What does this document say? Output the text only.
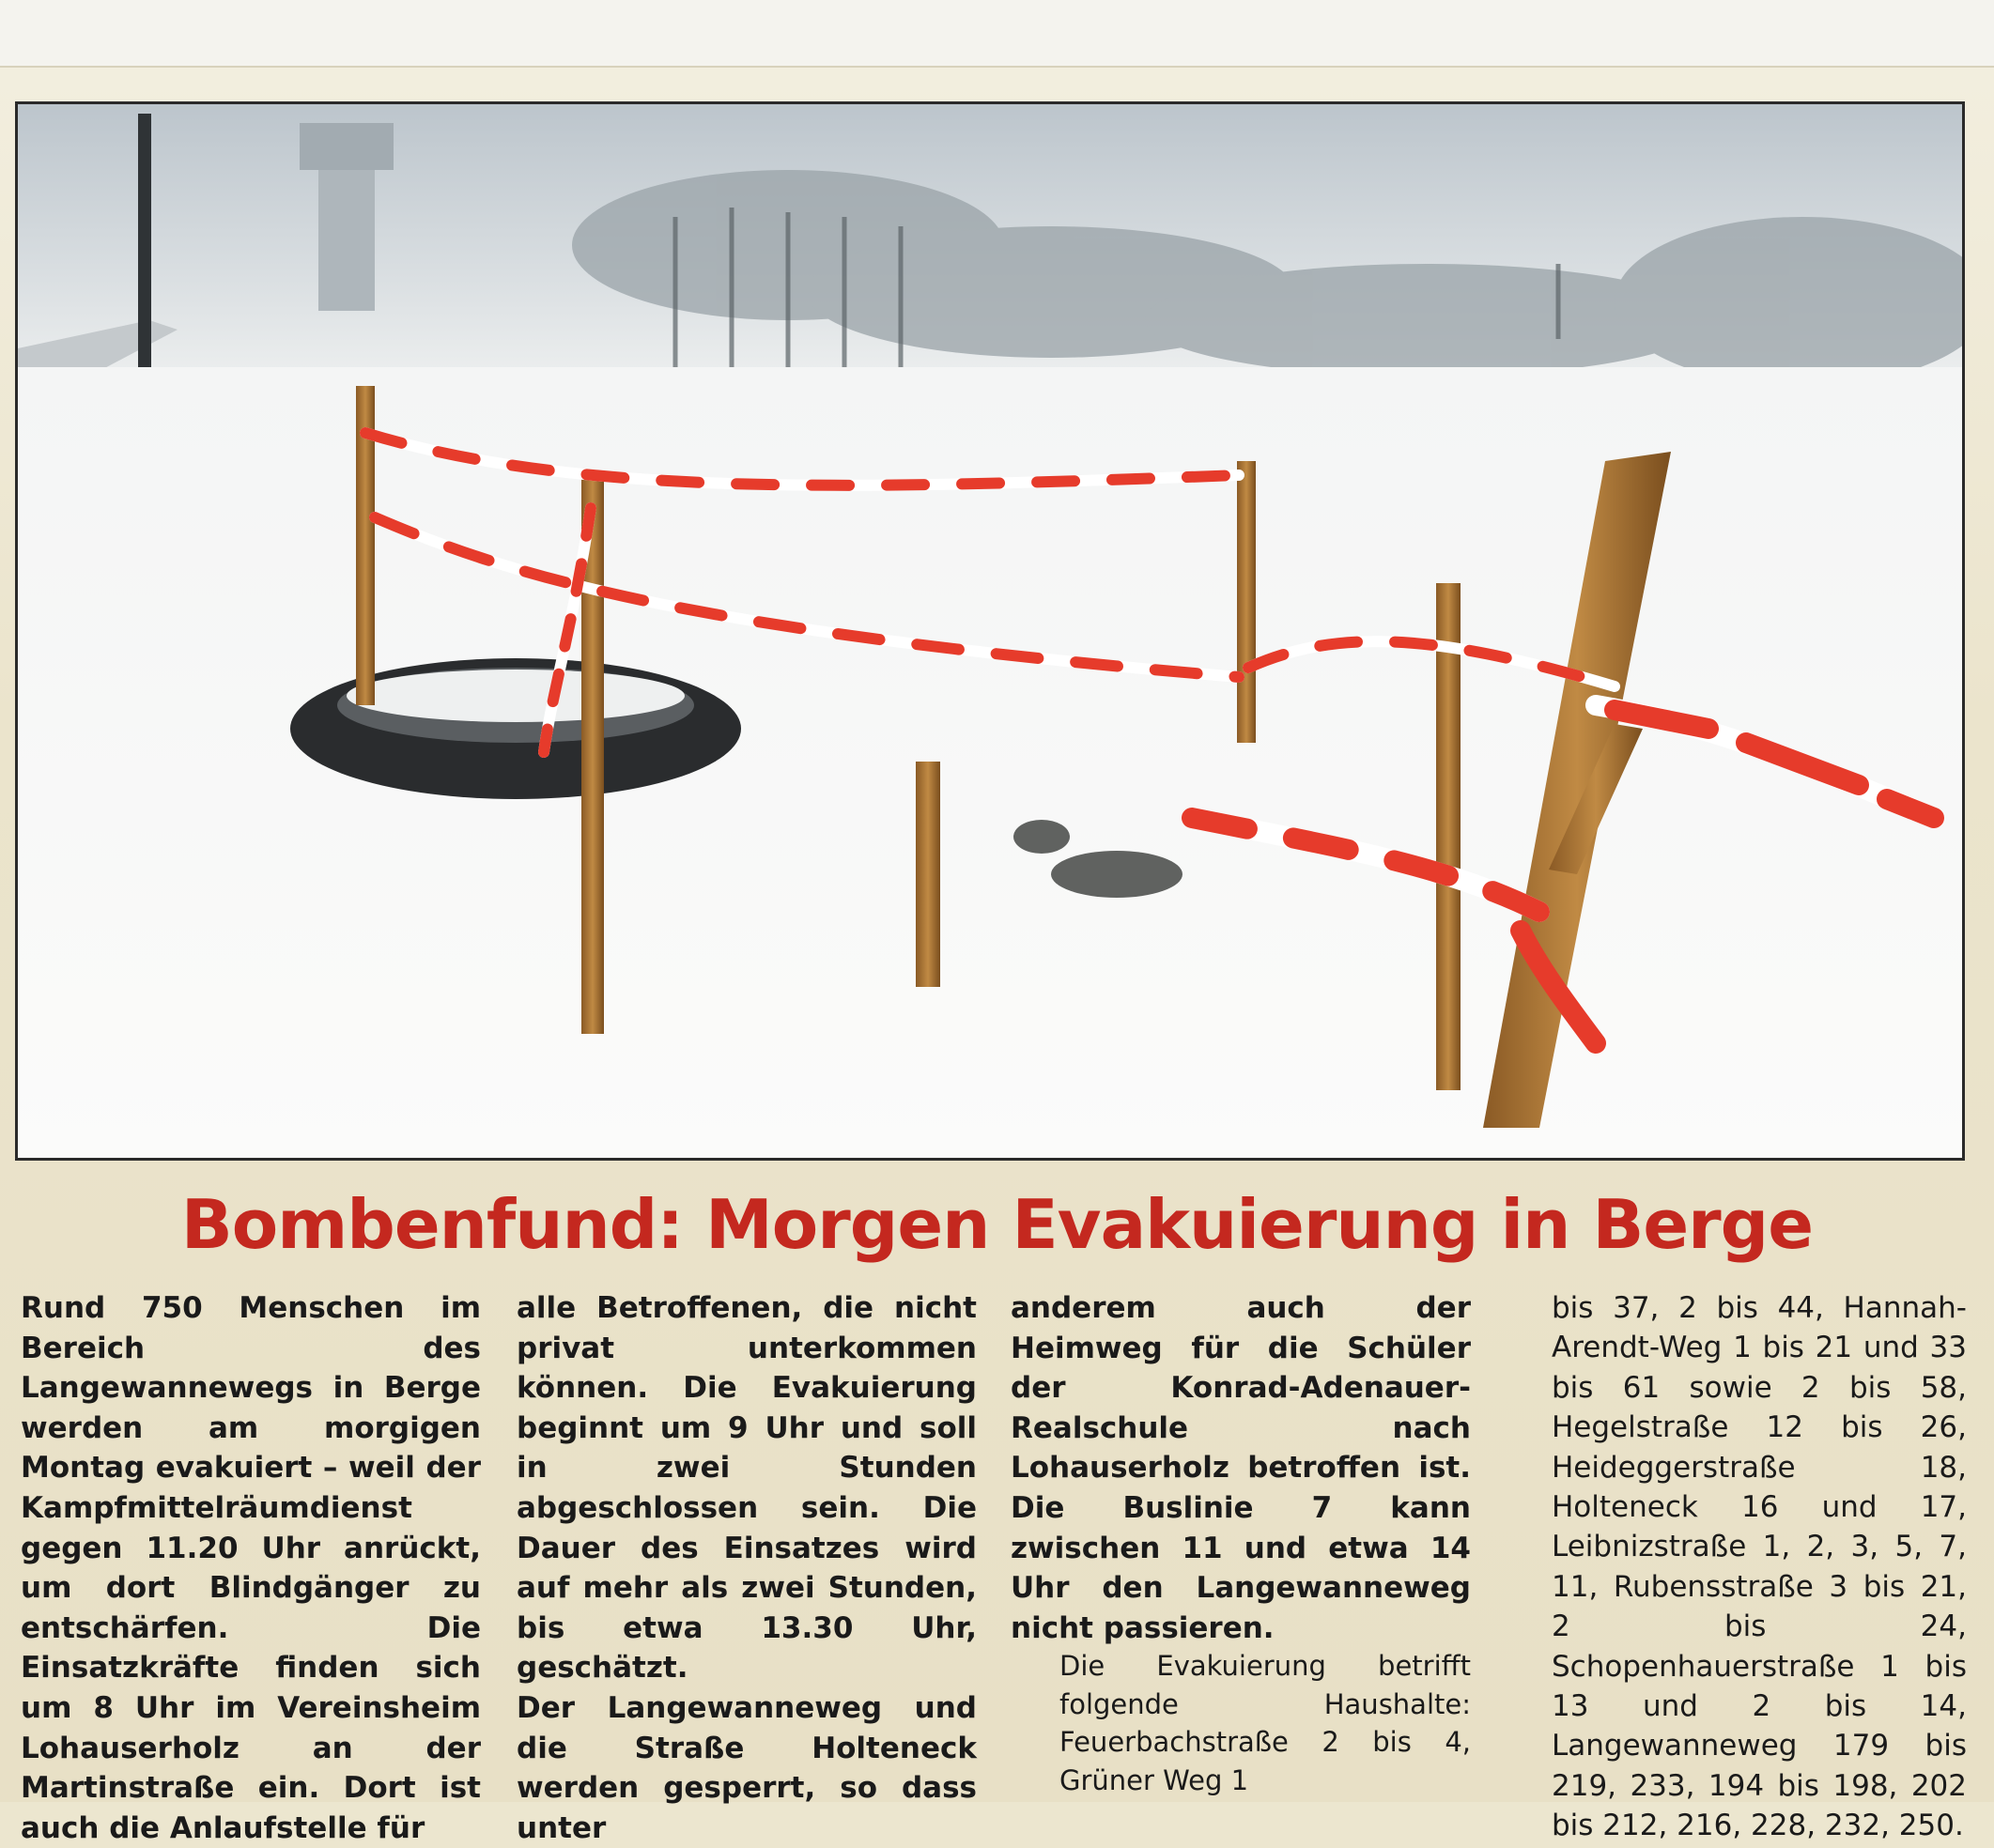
Bombenfund: Morgen Evakuierung in Berge

Rund 750 Menschen im Bereich des Langewannewegs in Berge werden am morgigen Montag evakuiert – weil der Kampfmittelräumdienst gegen 11.20 Uhr anrückt, um dort Blindgänger zu entschärfen. Die Einsatzkräfte finden sich um 8 Uhr im Vereinsheim Lohauserholz an der Martinstraße ein. Dort ist auch die Anlaufstelle für

alle Betroffenen, die nicht privat unterkommen können. Die Evakuierung beginnt um 9 Uhr und soll in zwei Stunden abgeschlossen sein. Die Dauer des Einsatzes wird auf mehr als zwei Stunden, bis etwa 13.30 Uhr, geschätzt.

Der Langewanneweg und die Straße Holteneck werden gesperrt, so dass unter

anderem auch der Heimweg für die Schüler der Konrad-Adenauer-Realschule nach Lohauserholz betroffen ist. Die Buslinie 7 kann zwischen 11 und etwa 14 Uhr den Langewanneweg nicht passieren.

Die Evakuierung betrifft folgende Haushalte: Feuerbachstraße 2 bis 4, Grüner Weg 1

bis 37, 2 bis 44, Hannah-Arendt-Weg 1 bis 21 und 33 bis 61 sowie 2 bis 58, Hegelstraße 12 bis 26, Heideggerstraße 18, Holteneck 16 und 17, Leibnizstraße 1, 2, 3, 5, 7, 11, Rubensstraße 3 bis 21, 2 bis 24, Schopenhauerstraße 1 bis 13 und 2 bis 14, Langewanneweg 179 bis 219, 233, 194 bis 198, 202 bis 212, 216, 228, 232, 250.
